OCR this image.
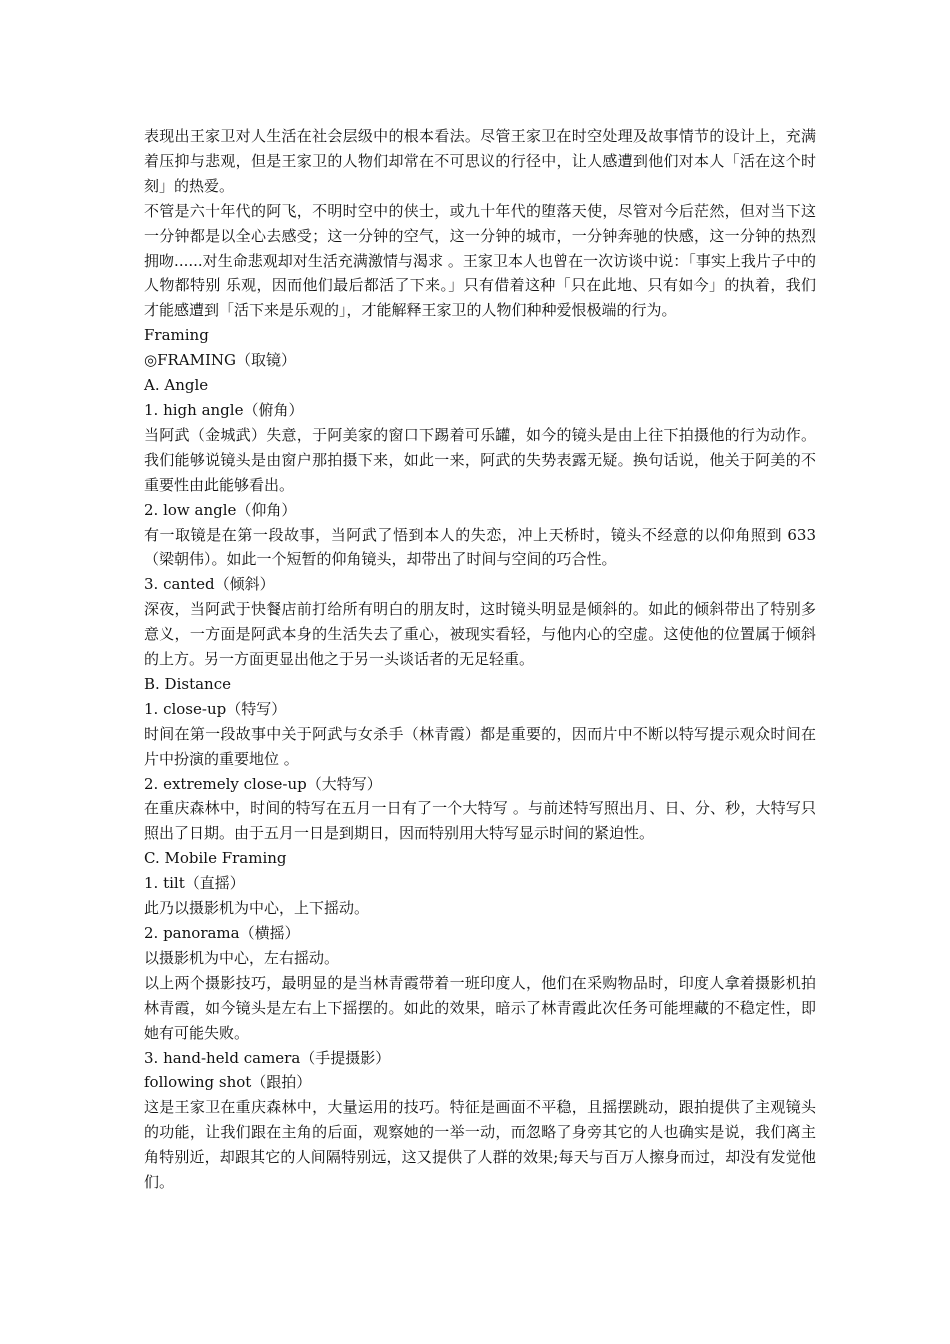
表现出王家卫对人生活在社会层级中的根本看法。尽管王家卫在时空处理及故事情节的设计上，充满着压抑与悲观，但是王家卫的人物们却常在不可思议的行径中，让人感遭到他们对本人「活在这个时刻」的热爱。

不管是六十年代的阿飞，不明时空中的侠士，或九十年代的堕落天使，尽管对今后茫然，但对当下这一分钟都是以全心去感受；这一分钟的空气，这一分钟的城市，一分钟奔驰的快感，这一分钟的热烈拥吻......对生命悲观却对生活充满激情与渴求 。王家卫本人也曾在一次访谈中说：「事实上我片子中的人物都特别 乐观，因而他们最后都活了下来。」只有借着这种「只在此地、只有如今」的执着，我们才能感遭到「活下来是乐观的」，才能解释王家卫的人物们种种爱恨极端的行为。

Framing

◎FRAMING（取镜）

A. Angle

1. high angle（俯角）

当阿武（金城武）失意，于阿美家的窗口下踢着可乐罐，如今的镜头是由上往下拍摄他的行为动作。我们能够说镜头是由窗户那拍摄下来，如此一来，阿武的失势表露无疑。换句话说，他关于阿美的不重要性由此能够看出。

2. low angle（仰角）

有一取镜是在第一段故事，当阿武了悟到本人的失恋，冲上天桥时，镜头不经意的以仰角照到 633（梁朝伟）。如此一个短暂的仰角镜头，却带出了时间与空间的巧合性。

3. canted（倾斜）

深夜，当阿武于快餐店前打给所有明白的朋友时，这时镜头明显是倾斜的。如此的倾斜带出了特别多意义，一方面是阿武本身的生活失去了重心，被现实看轻，与他内心的空虚。这使他的位置属于倾斜的上方。另一方面更显出他之于另一头谈话者的无足轻重。

B. Distance

1. close-up（特写）

时间在第一段故事中关于阿武与女杀手（林青霞）都是重要的，因而片中不断以特写提示观众时间在片中扮演的重要地位 。

2. extremely close-up（大特写）

在重庆森林中，时间的特写在五月一日有了一个大特写 。与前述特写照出月、日、分、秒，大特写只照出了日期。由于五月一日是到期日，因而特别用大特写显示时间的紧迫性。

C. Mobile Framing

1. tilt（直摇）

此乃以摄影机为中心，上下摇动。

2. panorama（横摇）

以摄影机为中心，左右摇动。

以上两个摄影技巧，最明显的是当林青霞带着一班印度人，他们在采购物品时，印度人拿着摄影机拍林青霞，如今镜头是左右上下摇摆的。如此的效果，暗示了林青霞此次任务可能埋藏的不稳定性，即她有可能失败。

3. hand-held camera（手提摄影）

following shot（跟拍）

这是王家卫在重庆森林中，大量运用的技巧。特征是画面不平稳，且摇摆跳动，跟拍提供了主观镜头的功能，让我们跟在主角的后面，观察她的一举一动，而忽略了身旁其它的人也确实是说，我们离主角特别近，却跟其它的人间隔特别远，这又提供了人群的效果;每天与百万人擦身而过，却没有发觉他们。
